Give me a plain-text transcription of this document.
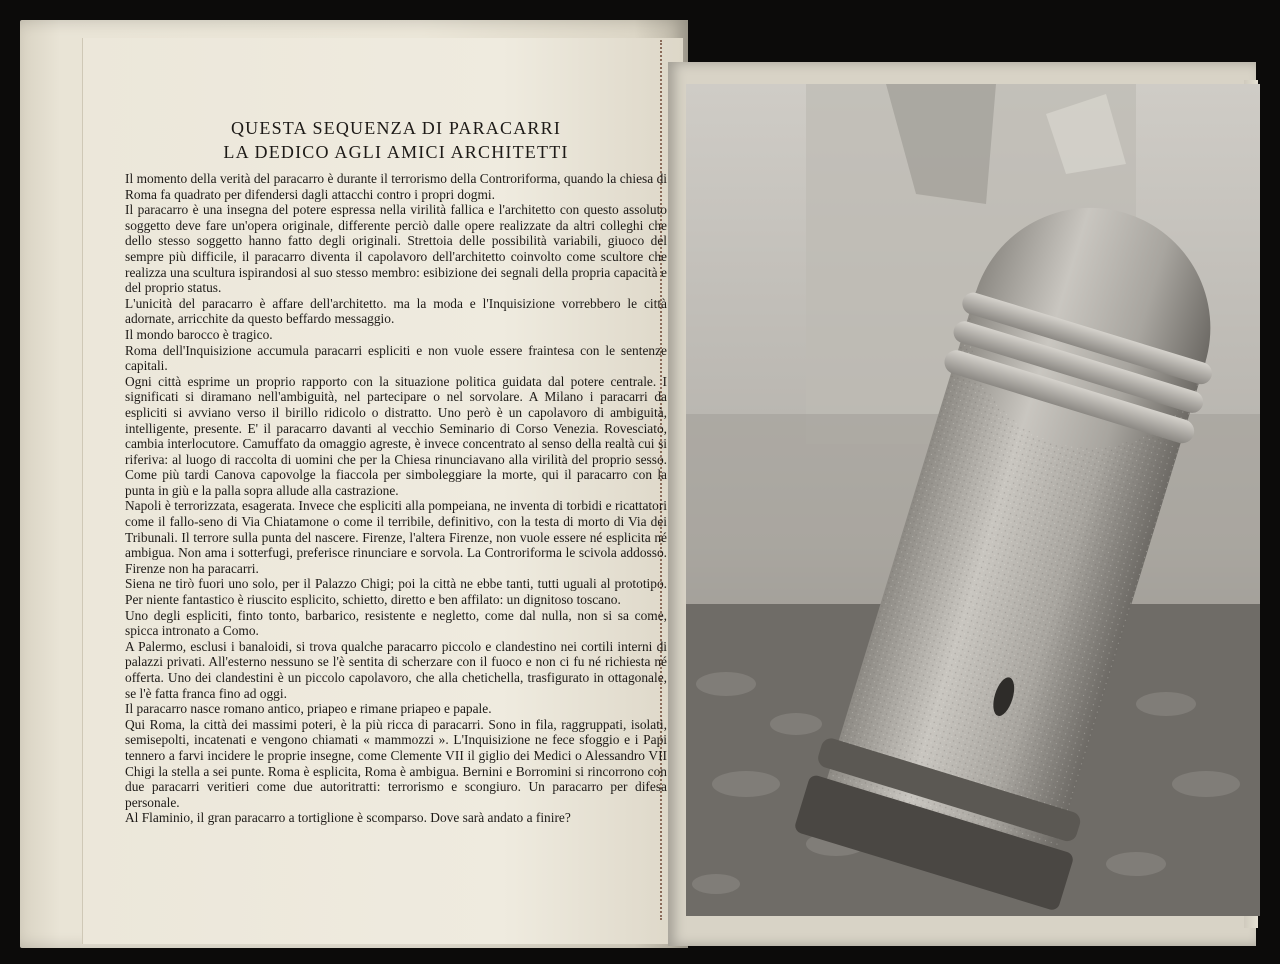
QUESTA SEQUENZA DI PARACARRI
LA DEDICO AGLI AMICI ARCHITETTI

Il momento della verità del paracarro è durante il terrorismo della Controriforma, quando la chiesa di Roma fa quadrato per difendersi dagli attacchi contro i propri dogmi.

Il paracarro è una insegna del potere espressa nella virilità fallica e l'architetto con questo assoluto soggetto deve fare un'opera originale, differente perciò dalle opere realizzate da altri colleghi che dello stesso soggetto hanno fatto degli originali. Strettoia delle possibilità variabili, giuoco del sempre più difficile, il paracarro diventa il capolavoro dell'architetto coinvolto come scultore che realizza una scultura ispirandosi al suo stesso membro: esibizione dei segnali della propria capacità e del proprio status.

L'unicità del paracarro è affare dell'architetto. ma la moda e l'Inquisizione vorrebbero le città adornate, arricchite da questo beffardo messaggio.

Il mondo barocco è tragico.

Roma dell'Inquisizione accumula paracarri espliciti e non vuole essere fraintesa con le sentenze capitali.

Ogni città esprime un proprio rapporto con la situazione politica guidata dal potere centrale. I significati si diramano nell'ambiguità, nel partecipare o nel sorvolare. A Milano i paracarri da espliciti si avviano verso il birillo ridicolo o distratto. Uno però è un capolavoro di ambiguità, intelligente, presente. E' il paracarro davanti al vecchio Seminario di Corso Venezia. Rovesciato, cambia interlocutore. Camuffato da omaggio agreste, è invece concentrato al senso della realtà cui si riferiva: al luogo di raccolta di uomini che per la Chiesa rinunciavano alla virilità del proprio sesso. Come più tardi Canova capovolge la fiaccola per simboleggiare la morte, qui il paracarro con la punta in giù e la palla sopra allude alla castrazione.

Napoli è terrorizzata, esagerata. Invece che espliciti alla pompeiana, ne inventa di torbidi e ricattatori come il fallo-seno di Via Chiatamone o come il terribile, definitivo, con la testa di morto di Via dei Tribunali. Il terrore sulla punta del nascere. Firenze, l'altera Firenze, non vuole essere né esplicita né ambigua. Non ama i sotterfugi, preferisce rinunciare e sorvola. La Controriforma le scivola addosso. Firenze non ha paracarri.

Siena ne tirò fuori uno solo, per il Palazzo Chigi; poi la città ne ebbe tanti, tutti uguali al prototipo. Per niente fantastico è riuscito esplicito, schietto, diretto e ben affilato: un dignitoso toscano.

Uno degli espliciti, finto tonto, barbarico, resistente e negletto, come dal nulla, non si sa come, spicca intronato a Como.

A Palermo, esclusi i banaloidi, si trova qualche paracarro piccolo e clandestino nei cortili interni di palazzi privati. All'esterno nessuno se l'è sentita di scherzare con il fuoco e non ci fu né richiesta né offerta. Uno dei clandestini è un piccolo capolavoro, che alla chetichella, trasfigurato in ottagonale, se l'è fatta franca fino ad oggi.

Il paracarro nasce romano antico, priapeo e rimane priapeo e papale.

Qui Roma, la città dei massimi poteri, è la più ricca di paracarri. Sono in fila, raggruppati, isolati, semisepolti, incatenati e vengono chiamati « mammozzi ». L'Inquisizione ne fece sfoggio e i Papi tennero a farvi incidere le proprie insegne, come Clemente VII il giglio dei Medici o Alessandro VII Chigi la stella a sei punte. Roma è esplicita, Roma è ambigua. Bernini e Borromini si rincorrono con due paracarri veritieri come due autoritratti: terrorismo e scongiuro. Un paracarro per difesa personale.

Al Flaminio, il gran paracarro a tortiglione è scomparso. Dove sarà andato a finire?
